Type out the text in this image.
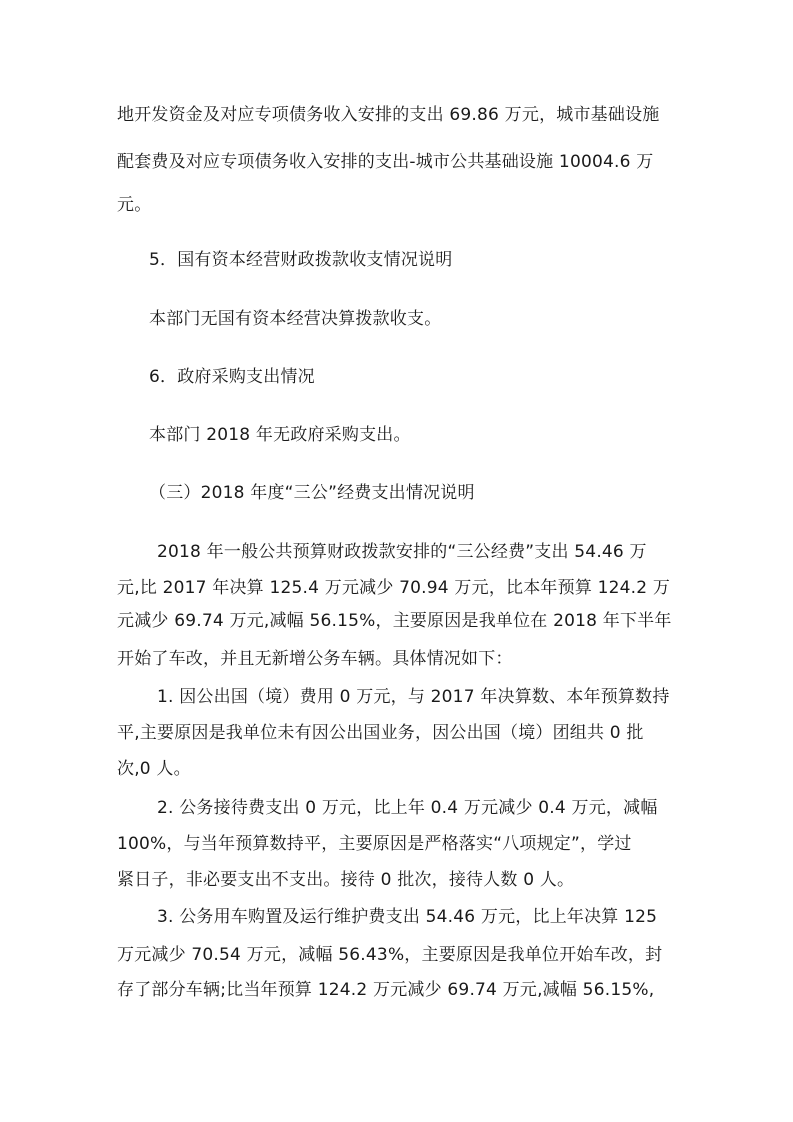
地开发资金及对应专项债务收入安排的支出 69.86 万元，城市基础设施
配套费及对应专项债务收入安排的支出-城市公共基础设施 10004.6 万
元。
5．国有资本经营财政拨款收支情况说明
本部门无国有资本经营决算拨款收支。
6．政府采购支出情况
本部门 2018 年无政府采购支出。
（三）2018 年度“三公”经费支出情况说明
2018 年一般公共预算财政拨款安排的“三公经费”支出 54.46 万
元,比 2017 年决算 125.4 万元减少 70.94 万元，比本年预算 124.2 万
元减少 69.74 万元,减幅 56.15%，主要原因是我单位在 2018 年下半年
开始了车改，并且无新增公务车辆。具体情况如下：
1. 因公出国（境）费用 0 万元，与 2017 年决算数、本年预算数持
平,主要原因是我单位未有因公出国业务，因公出国（境）团组共 0 批
次,0 人。
2. 公务接待费支出 0 万元，比上年 0.4 万元减少 0.4 万元，减幅
100%，与当年预算数持平，主要原因是严格落实“八项规定”，学过
紧日子，非必要支出不支出。接待 0 批次，接待人数 0 人。
3. 公务用车购置及运行维护费支出 54.46 万元，比上年决算 125
万元减少 70.54 万元，减幅 56.43%，主要原因是我单位开始车改，封
存了部分车辆;比当年预算 124.2 万元减少 69.74 万元,减幅 56.15%,
